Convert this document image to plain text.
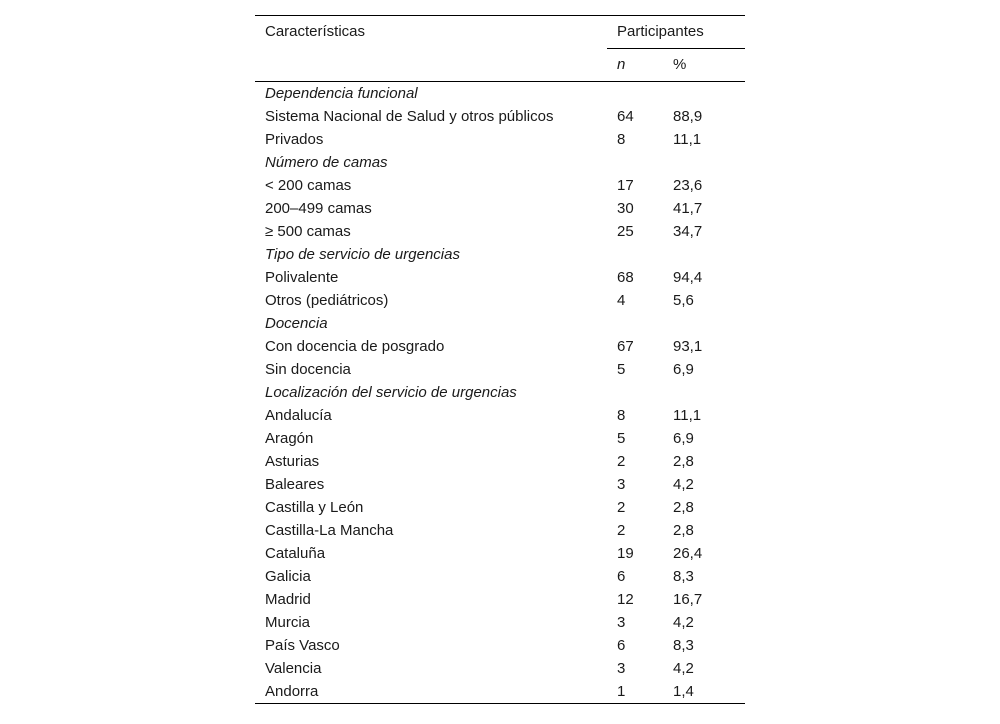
Características	Participantes	
	n	%
Dependencia funcional		
Sistema Nacional de Salud y otros públicos	64	88,9
Privados	8	11,1
Número de camas		
< 200 camas	17	23,6
200–499 camas	30	41,7
≥ 500 camas	25	34,7
Tipo de servicio de urgencias		
Polivalente	68	94,4
Otros (pediátricos)	4	5,6
Docencia		
Con docencia de posgrado	67	93,1
Sin docencia	5	6,9
Localización del servicio de urgencias		
Andalucía	8	11,1
Aragón	5	6,9
Asturias	2	2,8
Baleares	3	4,2
Castilla y León	2	2,8
Castilla-La Mancha	2	2,8
Cataluña	19	26,4
Galicia	6	8,3
Madrid	12	16,7
Murcia	3	4,2
País Vasco	6	8,3
Valencia	3	4,2
Andorra	1	1,4
